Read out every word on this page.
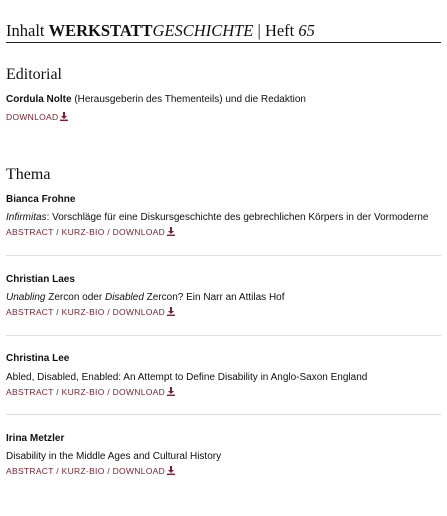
Inhalt WERKSTATTGESCHICHTE | Heft 65
Editorial
Cordula Nolte (Herausgeberin des Thementeils) und die Redaktion
DOWNLOAD
Thema
Bianca Frohne
Infirmitas: Vorschläge für eine Diskursgeschichte des gebrechlichen Körpers in der Vormoderne
ABSTRACT / KURZ-BIO / DOWNLOAD
Christian Laes
Unabling Zercon oder Disabled Zercon? Ein Narr an Attilas Hof
ABSTRACT / KURZ-BIO / DOWNLOAD
Christina Lee
Abled, Disabled, Enabled: An Attempt to Define Disability in Anglo-Saxon England
ABSTRACT / KURZ-BIO / DOWNLOAD
Irina Metzler
Disability in the Middle Ages and Cultural History
ABSTRACT / KURZ-BIO / DOWNLOAD
